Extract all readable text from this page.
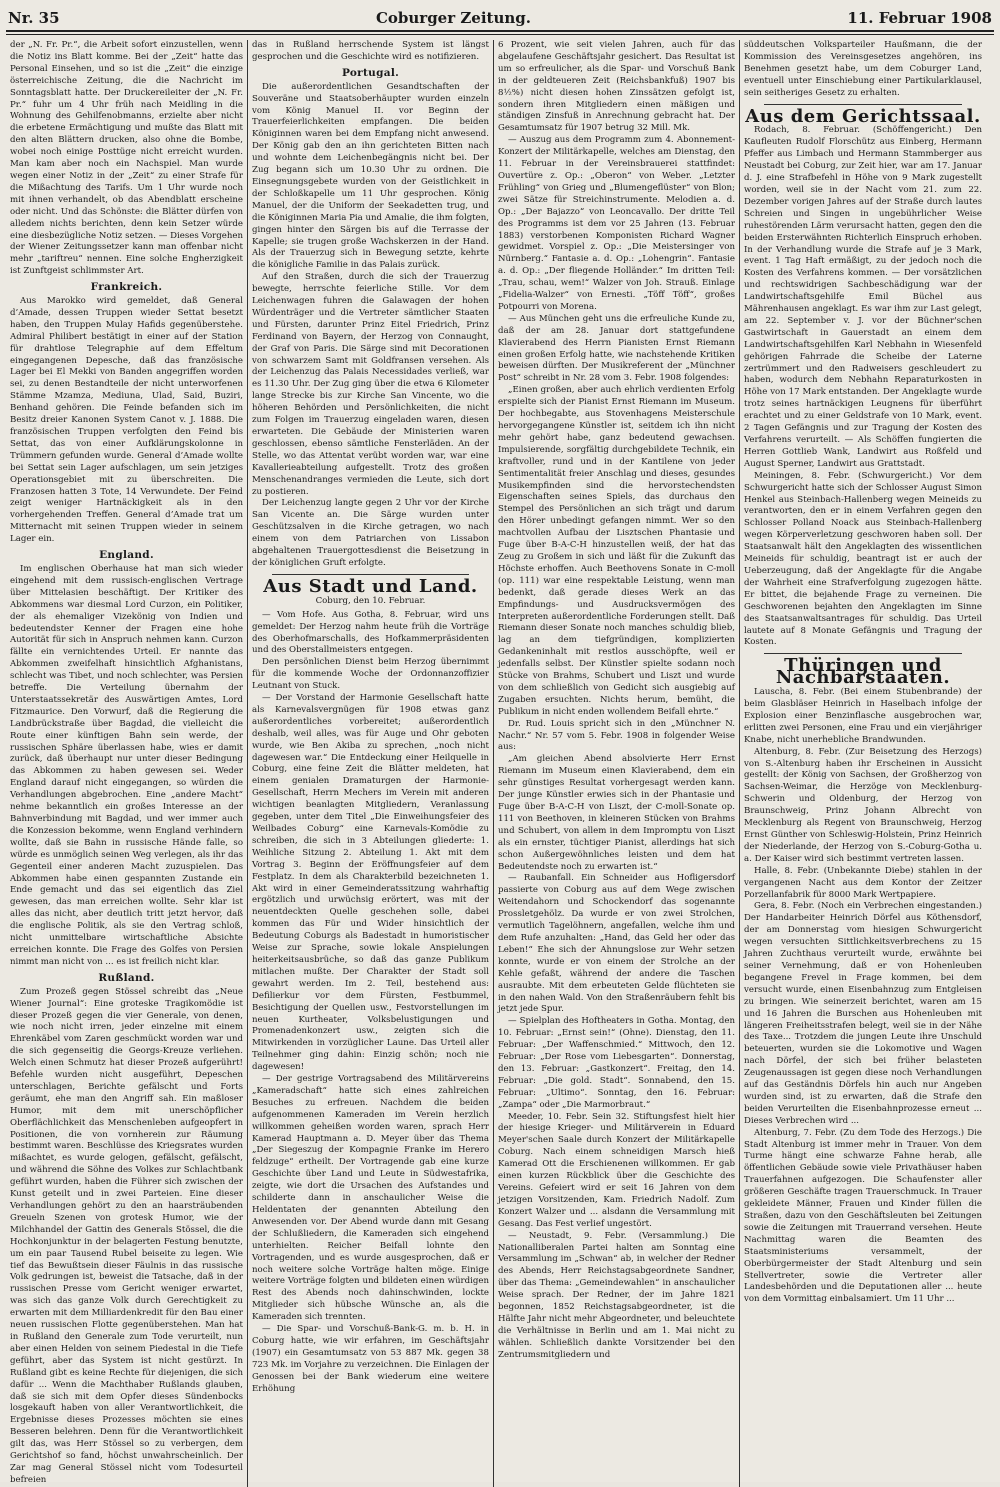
Nr. 35	Coburger Zeitung.	11. Februar 1908

der „N. Fr. Pr.“, die Arbeit sofort einzustellen, wenn die Notiz ins Blatt komme. Bei der „Zeit“ hatte das Personal Einsehen, und so ist die „Zeit“ die einzige österreichische Zeitung, die die Nachricht im Sonntagsblatt hatte. Der Druckereileiter der „N. Fr. Pr.“ fuhr um 4 Uhr früh nach Meidling in die Wohnung des Gehilfenobmanns, erzielte aber nicht die erbetene Ermächtigung und mußte das Blatt mit den alten Blättern drucken, also ohne die Bombe, wobei noch einige Posttüge nicht erreicht wurden. Man kam aber noch ein Nachspiel. Man wurde wegen einer Notiz in der „Zeit“ zu einer Strafe für die Mißachtung des Tarifs. Um 1 Uhr wurde noch mit ihnen verhandelt, ob das Abendblatt erscheine oder nicht. Und das Schönste: die Blätter dürfen von alledem nichts berichten, denn kein Setzer würde eine diesbezügliche Notiz setzen. — Dieses Vorgehen der Wiener Zeitungssetzer kann man offenbar nicht mehr „tariftreu“ nennen. Eine solche Engherzigkeit ist Zunftgeist schlimmster Art.

Frankreich.

Aus Marokko wird gemeldet, daß General d’Amade, dessen Truppen wieder Settat besetzt haben, den Truppen Mulay Hafids gegenüberstehe. Admiral Philibert bestätigt in einer auf der Station für drahtlose Telegraphie auf dem Effeltum eingegangenen Depesche, daß das französische Lager bei El Mekki von Banden angegriffen worden sei, zu denen Bestandteile der nicht unterworfenen Stämme Mzamza, Mediuna, Ulad, Said, Buziri, Benhand gehören. Die Feinde befanden sich im Besitz dreier Kanonen System Canot v. J. 1888. Die französischen Truppen verfolgten den Feind bis Settat, das von einer Aufklärungskolonne in Trümmern gefunden wurde. General d’Amade wollte bei Settat sein Lager aufschlagen, um sein jetziges Operationsgebiet mit zu überschreiten. Die Franzosen hatten 3 Tote, 14 Verwundete. Der Feind zeigt weniger Hartnäckigkeit als in den vorhergehenden Treffen. General d’Amade trat um Mitternacht mit seinen Truppen wieder in seinem Lager ein.

England.

Im englischen Oberhause hat man sich wieder eingehend mit dem russisch-englischen Vertrage über Mittelasien beschäftigt. Der Kritiker des Abkommens war diesmal Lord Curzon, ein Politiker, der als ehemaliger Vizekönig von Indien und bedeutendster Kenner der Fragen eine hohe Autorität für sich in Anspruch nehmen kann. Curzon fällte ein vernichtendes Urteil. Er nannte das Abkommen zweifelhaft hinsichtlich Afghanistans, schlecht was Tibet, und noch schlechter, was Persien betreffe. Die Verteilung übernahm der Unterstaatssekretär des Auswärtigen Amtes, Lord Fitzmaurice. Den Vorwurf, daß die Regierung die Landbrückstraße über Bagdad, die vielleicht die Route einer künftigen Bahn sein werde, der russischen Sphäre überlassen habe, wies er damit zurück, daß überhaupt nur unter dieser Bedingung das Abkommen zu haben gewesen sei. Weder England darauf nicht eingegangen, so würden die Verhandlungen abgebrochen. Eine „andere Macht“ nehme bekanntlich ein großes Interesse an der Bahnverbindung mit Bagdad, und wer immer auch die Konzession bekomme, wenn England verhindern wollte, daß sie Bahn in russische Hände falle, so würde es unmöglich seinen Weg verlegen, als ihr das Gegenteil einer anderen Macht zuzuspielen. Das Abkommen habe einen gespannten Zustande ein Ende gemacht und das sei eigentlich das Ziel gewesen, das man erreichen wollte. Sehr klar ist alles das nicht, aber deutlich tritt jetzt hervor, daß die englische Politik, als sie den Vertrag schloß, nicht unmittelbare wirtschaftliche Absichte erreichen konnte. Die Frage des Golfes von Persien nimmt man nicht von ... es ist freilich nicht klar.

Rußland.

Zum Prozeß gegen Stössel schreibt das „Neue Wiener Journal“: Eine groteske Tragikomödie ist dieser Prozeß gegen die vier Generale, von denen, wie noch nicht irren, jeder einzelne mit einem Ehrenkäbel vom Zaren geschmückt worden war und die sich gegenseitig die Georgs-Kreuze verliehen. Welch einen Schmutz hat dieser Prozeß aufgerührt! Befehle wurden nicht ausgeführt, Depeschen unterschlagen, Berichte gefälscht und Forts geräumt, ehe man den Angriff sah. Ein maßloser Humor, mit dem mit unerschöpflicher Oberflächlichkeit das Menschenleben aufgeopfert in Positionen, die von vornherein zur Räumung bestimmt waren. Beschlüsse des Kriegsrates wurden mißachtet, es wurde gelogen, gefälscht, gefälscht, und während die Söhne des Volkes zur Schlachtbank geführt wurden, haben die Führer sich zwischen der Kunst geteilt und in zwei Parteien. Eine dieser Verhandlungen gehört zu den an haarsträubenden Greueln Szenen von grotesk Humor, wie der Milchhandel der Gattin des Generals Stössel, die die Hochkonjunktur in der belagerten Festung benutzte, um ein paar Tausend Rubel beiseite zu legen. Wie tief das Bewußtsein dieser Fäulnis in das russische Volk gedrungen ist, beweist die Tatsache, daß in der russischen Presse vom Gericht weniger erwartet, was sich das ganze Volk durch Gerechtigkeit zu erwarten mit dem Milliardenkredit für den Bau einer neuen russischen Flotte gegenüberstehen. Man hat in Rußland den Generale zum Tode verurteilt, nun aber einen Helden von seinem Piedestal in die Tiefe geführt, aber das System ist nicht gestürzt. In Rußland gibt es keine Rechte für diejenigen, die sich dafür ... Wenn die Machthaber Rußlands glauben, daß sie sich mit dem Opfer dieses Sündenbocks losgekauft haben von aller Verantwortlichkeit, die Ergebnisse dieses Prozesses möchten sie eines Besseren belehren. Denn für die Verantwortlichkeit gilt das, was Herr Stössel so zu verbergen, dem Gerichtshof so fand, höchst unwahrscheinlich. Der Zar mag General Stössel nicht vom Todesurteil befreien

das in Rußland herrschende System ist längst gesprochen und die Geschichte wird es notifizieren.

Portugal.

Die außerordentlichen Gesandtschaften der Souveräne und Staatsoberhäupter wurden einzeln vom König Manuel II. vor Beginn der Trauerfeierlichkeiten empfangen. Die beiden Königinnen waren bei dem Empfang nicht anwesend. Der König gab den an ihn gerichteten Bitten nach und wohnte dem Leichenbegängnis nicht bei. Der Zug begann sich um 10.30 Uhr zu ordnen. Die Einsegnungsgebete wurden von der Geistlichkeit in der Schloßkapelle um 11 Uhr gesprochen. König Manuel, der die Uniform der Seekadetten trug, und die Königinnen Maria Pia und Amalie, die ihm folgten, gingen hinter den Särgen bis auf die Terrasse der Kapelle; sie trugen große Wachskerzen in der Hand. Als der Trauerzug sich in Bewegung setzte, kehrte die königliche Familie in das Palais zurück.

Auf den Straßen, durch die sich der Trauerzug bewegte, herrschte feierliche Stille. Vor dem Leichenwagen fuhren die Galawagen der hohen Würdenträger und die Vertreter sämtlicher Staaten und Fürsten, darunter Prinz Eitel Friedrich, Prinz Ferdinand von Bayern, der Herzog von Connaught, der Graf von Paris. Die Särge sind mit Decorationen von schwarzem Samt mit Goldfransen versehen. Als der Leichenzug das Palais Necessidades verließ, war es 11.30 Uhr. Der Zug ging über die etwa 6 Kilometer lange Strecke bis zur Kirche San Vincente, wo die höheren Behörden und Persönlichkeiten, die nicht zum Folgen im Trauerzug eingeladen waren, diesen erwarteten. Die Gebäude der Ministerien waren geschlossen, ebenso sämtliche Fensterläden. An der Stelle, wo das Attentat verübt worden war, war eine Kavallerieabteilung aufgestellt. Trotz des großen Menschenandranges vermieden die Leute, sich dort zu postieren.

Der Leichenzug langte gegen 2 Uhr vor der Kirche San Vicente an. Die Särge wurden unter Geschützsalven in die Kirche getragen, wo nach einem von dem Patriarchen von Lissabon abgehaltenen Trauergottesdienst die Beisetzung in der königlichen Gruft erfolgte.

Aus Stadt und Land.

Coburg, den 10. Februar.

— Vom Hofe. Aus Gotha, 8. Februar, wird uns gemeldet: Der Herzog nahm heute früh die Vorträge des Oberhofmarschalls, des Hofkammerpräsidenten und des Oberstallmeisters entgegen.

Den persönlichen Dienst beim Herzog übernimmt für die kommende Woche der Ordonnanzoffizier Leutnant von Stuck.

— Der Vorstand der Harmonie Gesellschaft hatte als Karnevalsvergnügen für 1908 etwas ganz außerordentliches vorbereitet; außerordentlich deshalb, weil alles, was für Auge und Ohr geboten wurde, wie Ben Akiba zu sprechen, „noch nicht dagewesen war.“ Die Entdeckung einer Heilquelle in Coburg, eine feine Zeit die Blätter meldeten, hat einem genialen Dramaturgen der Harmonie-Gesellschaft, Herrn Mechers im Verein mit anderen wichtigen beanlagten Mitgliedern, Veranlassung gegeben, unter dem Titel „Die Einweihungsfeier des Weilbades Coburg“ eine Karnevals-Komödie zu schreiben, die sich in 3 Abteilungen gliederte: 1. Weihliche Sitzung 2. Abteilung 1. Akt mit dem Vortrag 3. Beginn der Eröffnungsfeier auf dem Festplatz. In dem als Charakterbild bezeichneten 1. Akt wird in einer Gemeinderatssitzung wahrhaftig ergötzlich und urwüchsig erörtert, was mit der neuentdeckten Quelle geschehen solle, dabei kommen das Für und Wider hinsichtlich der Bedeutung Coburgs als Badestadt in humoristischer Weise zur Sprache, sowie lokale Anspielungen heiterkeitsausbrüche, so daß das ganze Publikum mitlachen mußte. Der Charakter der Stadt soll gewahrt werden. Im 2. Teil, bestehend aus: Defilierkur vor dem Fürsten, Festbummel, Besichtigung der Quellen usw., Festvorstellungen im neuen Kurtheater, Volksbelustigungen und Promenadenkonzert usw., zeigten sich die Mitwirkenden in vorzüglicher Laune. Das Urteil aller Teilnehmer ging dahin: Einzig schön; noch nie dagewesen!

— Der gestrige Vortragsabend des Militärvereins „Kameradschaft“ hatte sich eines zahlreichen Besuches zu erfreuen. Nachdem die beiden aufgenommenen Kameraden im Verein herzlich willkommen geheißen worden waren, sprach Herr Kamerad Hauptmann a. D. Meyer über das Thema „Der Siegeszug der Kompagnie Franke im Herero feldzuge“ ertheilt. Der Vortragende gab eine kurze Geschichte über Land und Leute in Südwestafrika, zeigte, wie dort die Ursachen des Aufstandes und schilderte dann in anschaulicher Weise die Heldentaten der genannten Abteilung den Anwesenden vor. Der Abend wurde dann mit Gesang der Schlußliedern, die Kameraden sich eingehend unterhielten. Reicher Beifall lohnte den Vortragenden, und es wurde ausgesprochen, daß er noch weitere solche Vorträge halten möge. Einige weitere Vorträge folgten und bildeten einen würdigen Rest des Abends noch dahinschwinden, lockte Mitglieder sich hübsche Wünsche an, als die Kameraden sich trennten.

— Die Spar- und Vorschuß-Bank-G. m. b. H. in Coburg hatte, wie wir erfahren, im Geschäftsjahr (1907) ein Gesamtumsatz von 53 887 Mk. gegen 38 723 Mk. im Vorjahre zu verzeichnen. Die Einlagen der Genossen bei der Bank wiederum eine weitere Erhöhung

6 Prozent, wie seit vielen Jahren, auch für das abgelaufene Geschäftsjahr gesichert. Das Resultat ist um so erfreulicher, als die Spar- und Vorschuß Bank in der geldteueren Zeit (Reichsbankfuß) 1907 bis 8½%) nicht diesen hohen Zinssätzen gefolgt ist, sondern ihren Mitgliedern einen mäßigen und ständigen Zinsfuß in Anrechnung gebracht hat. Der Gesamtumsatz für 1907 betrug 32 Mill. Mk.

— Auszug aus dem Programm zum 4. Abonnement-Konzert der Militärkapelle, welches am Dienstag, den 11. Februar in der Vereinsbrauerei stattfindet: Ouvertüre z. Op.: „Oberon“ von Weber. „Letzter Frühling“ von Grieg und „Blumengeflüster“ von Blon; zwei Sätze für Streichinstrumente. Melodien a. d. Op.: „Der Bajazzo“ von Leoncavallo. Der dritte Teil des Programms ist dem vor 25 Jahren (13. Februar 1883) verstorbenen Komponisten Richard Wagner gewidmet. Vorspiel z. Op.: „Die Meistersinger von Nürnberg.“ Fantasie a. d. Op.: „Lohengrin“. Fantasie a. d. Op.: „Der fliegende Holländer.“ Im dritten Teil: „Trau, schau, wem!“ Walzer von Joh. Strauß. Einlage „Fidelia-Walzer“ von Ernesti. „Töff Töff“, großes Potpourri von Morena.

— Aus München geht uns die erfreuliche Kunde zu, daß der am 28. Januar dort stattgefundene Klavierabend des Herrn Pianisten Ernst Riemann einen großen Erfolg hatte, wie nachstehende Kritiken beweisen dürften. Der Musikreferent der „Münchner Post“ schreibt in Nr. 28 vom 3. Febr. 1908 folgendes:

„Einen großen, aber auch ehrlich verdienten Erfolg erspielte sich der Pianist Ernst Riemann im Museum. Der hochbegabte, aus Stovenhagens Meisterschule hervorgegangene Künstler ist, seitdem ich ihn nicht mehr gehört habe, ganz bedeutend gewachsen. Impulsierende, sorgfältig durchgebildete Technik, ein kraftvoller, rund und in der Kantilene von jeder Sentimentalität freier Anschlag und dieses, gesundes Musikempfinden sind die hervorstechendsten Eigenschaften seines Spiels, das durchaus den Stempel des Persönlichen an sich trägt und darum den Hörer unbedingt gefangen nimmt. Wer so den machtvollen Aufbau der Lisztschen Phantasie und Fuge über B-A-C-H hinzustellen weiß, der hat das Zeug zu Großem in sich und läßt für die Zukunft das Höchste erhoffen. Auch Beethovens Sonate in C-moll (op. 111) war eine respektable Leistung, wenn man bedenkt, daß gerade dieses Werk an das Empfindungs- und Ausdrucksvermögen des Interpreten außerordentliche Forderungen stellt. Daß Riemann dieser Sonate noch manches schuldig blieb, lag an dem tiefgründigen, komplizierten Gedankeninhalt mit restlos ausschöpfte, weil er jedenfalls selbst. Der Künstler spielte sodann noch Stücke von Brahms, Schubert und Liszt und wurde von dem schließlich von Gedicht sich ausgiebig auf Zugaben ersuchten. Nichts herum, bemüht, die Publikum in nicht enden wollendem Beifall ehrte.“

Dr. Rud. Louis spricht sich in den „Münchner N. Nachr.“ Nr. 57 vom 5. Febr. 1908 in folgender Weise aus:

„Am gleichen Abend absolvierte Herr Ernst Riemann im Museum einen Klavierabend, dem ein sehr günstiges Resultat vorhergesagt werden kann. Der junge Künstler erwies sich in der Phantasie und Fuge über B-A-C-H von Liszt, der C-moll-Sonate op. 111 von Beethoven, in kleineren Stücken von Brahms und Schubert, von allem in dem Impromptu von Liszt als ein ernster, tüchtiger Pianist, allerdings hat sich schon Außergewöhnliches leisten und dem hat Bedeutendste noch zu erwarten ist.“

— Raubanfall. Ein Schneider aus Hofligersdorf passierte von Coburg aus auf dem Wege zwischen Weitendahorn und Schockendorf das sogenannte Prossletgehölz. Da wurde er von zwei Strolchen, vermutlich Tagelöhnern, angefallen, welche ihm und dem Rufe anzuhalten: „Hand, das Geld her oder das Leben!“ Ehe sich der Ahnungslose zur Wehr setzen konnte, wurde er von einem der Strolche an der Kehle gefaßt, während der andere die Taschen ausraubte. Mit dem erbeuteten Gelde flüchteten sie in den nahen Wald. Von den Straßenräubern fehlt bis jetzt jede Spur.

— Spielplan des Hoftheaters in Gotha. Montag, den 10. Februar: „Ernst sein!“ (Ohne). Dienstag, den 11. Februar: „Der Waffenschmied.“ Mittwoch, den 12. Februar: „Der Rose vom Liebesgarten“. Donnerstag, den 13. Februar: „Gastkonzert“. Freitag, den 14. Februar: „Die gold. Stadt“. Sonnabend, den 15. Februar: „Ultimo“. Sonntag, den 16. Februar: „Zampa“ oder „Die Marmorbraut.“

Meeder, 10. Febr. Sein 32. Stiftungsfest hielt hier der hiesige Krieger- und Militärverein in Eduard Meyer'schen Saale durch Konzert der Militärkapelle Coburg. Nach einem schneidigen Marsch hieß Kamerad Ott die Erschienenen willkommen. Er gab einen kurzen Rückblick über die Geschichte des Vereins. Gefeiert wird er seit 16 Jahren von dem jetzigen Vorsitzenden, Kam. Friedrich Nadolf. Zum Konzert Walzer und ... alsdann die Versammlung mit Gesang. Das Fest verlief ungestört.

— Neustadt, 9. Febr. (Versammlung.) Die Nationalliberalen Partei halten am Sonntag eine Versammlung im „Schwan“ ab, in welcher der Redner des Abends, Herr Reichstagsabgeordnete Sandner, über das Thema: „Gemeindewahlen“ in anschaulicher Weise sprach. Der Redner, der im Jahre 1821 begonnen, 1852 Reichstagsabgeordneter, ist die Hälfte Jahr nicht mehr Abgeordneter, und beleuchtete die Verhältnisse in Berlin und am 1. Mai nicht zu wählen. Schließlich dankte Vorsitzender bei den Zentrumsmitgliedern und

süddeutschen Volksparteiler Haußmann, die der Kommission des Vereinsgesetzes angehören, ins Benehmen gesetzt habe, um dem Coburger Land, eventuell unter Einschiebung einer Partikularklausel, sein seitheriges Gesetz zu erhalten.

Aus dem Gerichtssaal.

Rodach, 8. Februar. (Schöffengericht.) Den Kaufleuten Rudolf Florschütz aus Einberg, Hermann Pfeffer aus Limbach und Hermann Stammberger aus Neustadt bei Coburg, zur Zeit hier, war am 17. Januar d. J. eine Strafbefehl in Höhe von 9 Mark zugestellt worden, weil sie in der Nacht vom 21. zum 22. Dezember vorigen Jahres auf der Straße durch lautes Schreien und Singen in ungebührlicher Weise ruhestörenden Lärm verursacht hatten, gegen den die beiden Ersterwähnten Richterlich Einspruch erhoben. In der Verhandlung wurde die Strafe auf je 3 Mark, event. 1 Tag Haft ermäßigt, zu der jedoch noch die Kosten des Verfahrens kommen. — Der vorsätzlichen und rechtswidrigen Sachbeschädigung war der Landwirtschaftsgehilfe Emil Büchel aus Mährenhausen angeklagt. Es war ihm zur Last gelegt, am 22. September v. J. vor der Büchner'schen Gastwirtschaft in Gauerstadt an einem dem Landwirtschaftsgehilfen Karl Nebhahn in Wiesenfeld gehörigen Fahrrade die Scheibe der Laterne zertrümmert und den Radweisers geschleudert zu haben, wodurch dem Nebhahn Reparaturkosten in Höhe von 17 Mark entstanden. Der Angeklagte wurde trotz seines hartnäckigen Leugnens für überführt erachtet und zu einer Geldstrafe von 10 Mark, event. 2 Tagen Gefängnis und zur Tragung der Kosten des Verfahrens verurteilt. — Als Schöffen fungierten die Herren Gottlieb Wank, Landwirt aus Roßfeld und August Sperner, Landwirt aus Grattstadt.

Meiningen, 8. Febr. (Schwurgericht.) Vor dem Schwurgericht hatte sich der Schlosser August Simon Henkel aus Steinbach-Hallenberg wegen Meineids zu verantworten, den er in einem Verfahren gegen den Schlosser Polland Noack aus Steinbach-Hallenberg wegen Körperverletzung geschworen haben soll. Der Staatsanwalt hält den Angeklagten des wissentlichen Meineids für schuldig, beantragt ist er auch der Ueberzeugung, daß der Angeklagte für die Angabe der Wahrheit eine Strafverfolgung zugezogen hätte. Er bittet, die bejahende Frage zu verneinen. Die Geschworenen bejahten den Angeklagten im Sinne des Staatsanwaltsantrages für schuldig. Das Urteil lautete auf 8 Monate Gefängnis und Tragung der Kosten.

Thüringen und Nachbarstaaten.

Lauscha, 8. Febr. (Bei einem Stubenbrande) der beim Glasbläser Heinrich in Haselbach infolge der Explosion einer Benzinflasche ausgebrochen war, erlitten zwei Personen, eine Frau und ein vierjähriger Knabe, nicht unerhebliche Brandwunden.

Altenburg, 8. Febr. (Zur Beisetzung des Herzogs) von S.-Altenburg haben ihr Erscheinen in Aussicht gestellt: der König von Sachsen, der Großherzog von Sachsen-Weimar, die Herzöge von Mecklenburg-Schwerin und Oldenburg, der Herzog von Braunschweig, Prinz Johann Albrecht von Mecklenburg als Regent von Braunschweig, Herzog Ernst Günther von Schleswig-Holstein, Prinz Heinrich der Niederlande, der Herzog von S.-Coburg-Gotha u. a. Der Kaiser wird sich bestimmt vertreten lassen.

Halle, 8. Febr. (Unbekannte Diebe) stahlen in der vergangenen Nacht aus dem Kontor der Zeitzer Porzellanfabrik für 8000 Mark Wertpapiere.

Gera, 8. Febr. (Noch ein Verbrechen eingestanden.) Der Handarbeiter Heinrich Dörfel aus Köthensdorf, der am Donnerstag vom hiesigen Schwurgericht wegen versuchten Sittlichkeitsverbrechens zu 15 Jahren Zuchthaus verurteilt wurde, erwähnte bei seiner Vernehmung, daß er von Hohenleuben begangene Frevel in Frage kommen, bei dem versucht wurde, einen Eisenbahnzug zum Entgleisen zu bringen. Wie seinerzeit berichtet, waren am 15 und 16 Jahren die Burschen aus Hohenleuben mit längeren Freiheitsstrafen belegt, weil sie in der Nähe des Taxe... Trotzdem die jungen Leute ihre Unschuld beteuerten, wurden sie die Lokomotive und Wagen nach Dörfel, der sich bei früher belasteten Zeugenaussagen ist gegen diese noch Verhandlungen auf das Geständnis Dörfels hin auch nur Angeben wurden sind, ist zu erwarten, daß die Strafe den beiden Verurteilten die Eisenbahnprozesse erneut ... Dieses Verbrechen wird ...

Altenburg, 7. Febr. (Zu dem Tode des Herzogs.) Die Stadt Altenburg ist immer mehr in Trauer. Von dem Turme hängt eine schwarze Fahne herab, alle öffentlichen Gebäude sowie viele Privathäuser haben Trauerfahnen aufgezogen. Die Schaufenster aller größeren Geschäfte tragen Trauerschmuck. In Trauer gekleidete Männer, Frauen und Kinder füllen die Straßen, dazu von den Geschäftsleuten bei Zeitungen sowie die Zeitungen mit Trauerrand versehen. Heute Nachmittag waren die Beamten des Staatsministeriums versammelt, der Oberbürgermeister der Stadt Altenburg und sein Stellvertreter, sowie die Vertreter aller Landesbehörden und die Deputationen aller ... heute von dem Vormittag einbalsamiert. Um 11 Uhr ...
